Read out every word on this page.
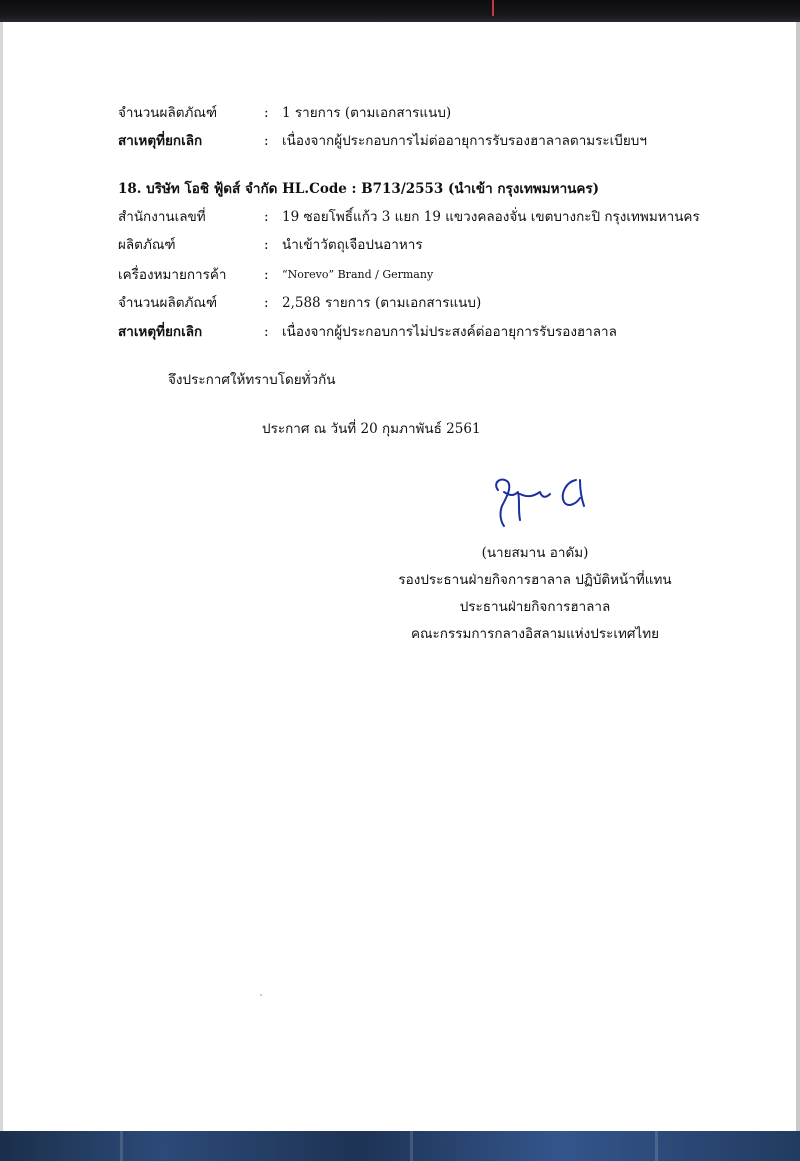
จำนวนผลิตภัณฑ์	: 1 รายการ (ตามเอกสารแนบ)
สาเหตุที่ยกเลิก	: เนื่องจากผู้ประกอบการไม่ต่ออายุการรับรองฮาลาลตามระเบียบฯ
18. บริษัท โอชิ ฟู้ดส์ จำกัด HL.Code : B713/2553 (นำเข้า กรุงเทพมหานคร)
สำนักงานเลขที่	: 19 ซอยโพธิ์แก้ว 3 แยก 19 แขวงคลองจั่น เขตบางกะปิ กรุงเทพมหานคร
ผลิตภัณฑ์	: นำเข้าวัตถุเจือปนอาหาร
เครื่องหมายการค้า	: “Norevo” Brand / Germany
จำนวนผลิตภัณฑ์	: 2,588 รายการ (ตามเอกสารแนบ)
สาเหตุที่ยกเลิก	: เนื่องจากผู้ประกอบการไม่ประสงค์ต่ออายุการรับรองฮาลาล
จึงประกาศให้ทราบโดยทั่วกัน
ประกาศ ณ วันที่ 20 กุมภาพันธ์ 2561
(นายสมาน อาดัม)
รองประธานฝ่ายกิจการฮาลาล ปฏิบัติหน้าที่แทน
ประธานฝ่ายกิจการฮาลาล
คณะกรรมการกลางอิสลามแห่งประเทศไทย
